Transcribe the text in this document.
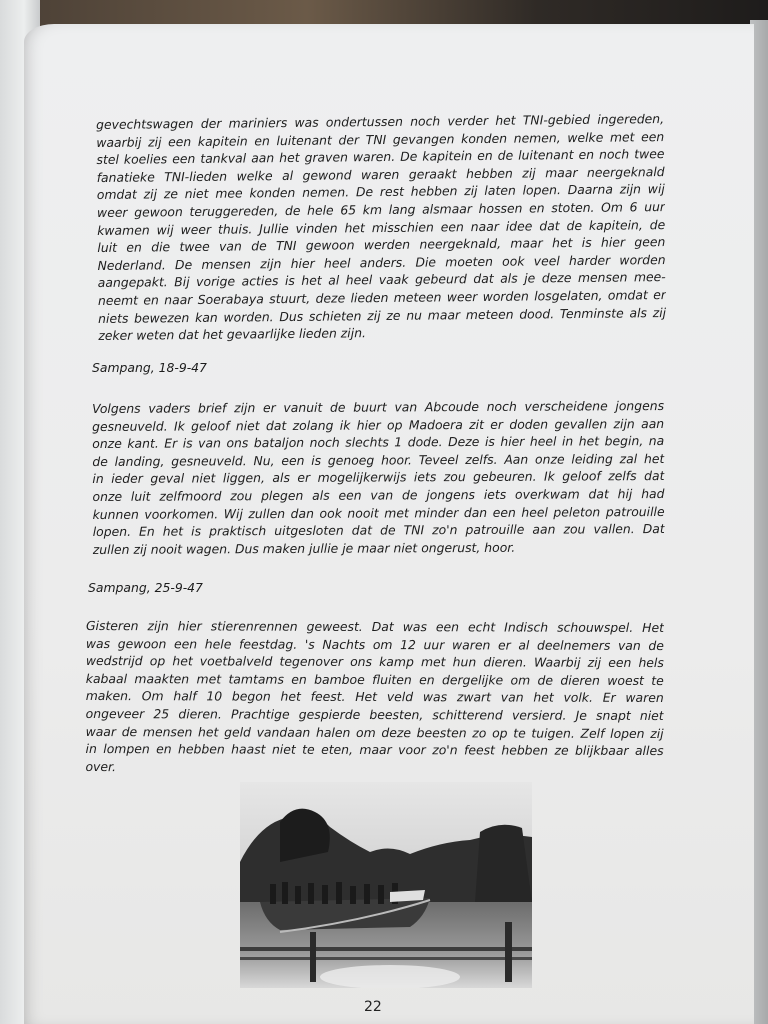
gevechtswagen der mariniers was ondertussen noch verder het TNI-gebied ingereden,
waarbij zij een kapitein en luitenant der TNI gevangen konden nemen, welke met een
stel koelies een tankval aan het graven waren. De kapitein en de luitenant en noch twee
fanatieke TNI-lieden welke al gewond waren geraakt hebben zij maar neergeknald
omdat zij ze niet mee konden nemen. De rest hebben zij laten lopen. Daarna zijn wij
weer gewoon teruggereden, de hele 65 km lang alsmaar hossen en stoten. Om 6 uur
kwamen wij weer thuis. Jullie vinden het misschien een naar idee dat de kapitein, de
luit en die twee van de TNI gewoon werden neergeknald, maar het is hier geen
Nederland. De mensen zijn hier heel anders. Die moeten ook veel harder worden
aangepakt. Bij vorige acties is het al heel vaak gebeurd dat als je deze mensen mee-
neemt en naar Soerabaya stuurt, deze lieden meteen weer worden losgelaten, omdat er
niets bewezen kan worden. Dus schieten zij ze nu maar meteen dood. Tenminste als zij
zeker weten dat het gevaarlijke lieden zijn.
Sampang, 18-9-47
Volgens vaders brief zijn er vanuit de buurt van Abcoude noch verscheidene jongens
gesneuveld. Ik geloof niet dat zolang ik hier op Madoera zit er doden gevallen zijn aan
onze kant. Er is van ons bataljon noch slechts 1 dode. Deze is hier heel in het begin, na
de landing, gesneuveld. Nu, een is genoeg hoor. Teveel zelfs. Aan onze leiding zal het
in ieder geval niet liggen, als er mogelijkerwijs iets zou gebeuren. Ik geloof zelfs dat
onze luit zelfmoord zou plegen als een van de jongens iets overkwam dat hij had
kunnen voorkomen. Wij zullen dan ook nooit met minder dan een heel peleton patrouille
lopen. En het is praktisch uitgesloten dat de TNI zo'n patrouille aan zou vallen. Dat
zullen zij nooit wagen. Dus maken jullie je maar niet ongerust, hoor.
Sampang, 25-9-47
Gisteren zijn hier stierenrennen geweest. Dat was een echt Indisch schouwspel. Het
was gewoon een hele feestdag. 's Nachts om 12 uur waren er al deelnemers van de
wedstrijd op het voetbalveld tegenover ons kamp met hun dieren. Waarbij zij een hels
kabaal maakten met tamtams en bamboe fluiten en dergelijke om de dieren woest te
maken. Om half 10 begon het feest. Het veld was zwart van het volk. Er waren
ongeveer 25 dieren. Prachtige gespierde beesten, schitterend versierd. Je snapt niet
waar de mensen het geld vandaan halen om deze beesten zo op te tuigen. Zelf lopen zij
in lompen en hebben haast niet te eten, maar voor zo'n feest hebben ze blijkbaar alles
over.
22
